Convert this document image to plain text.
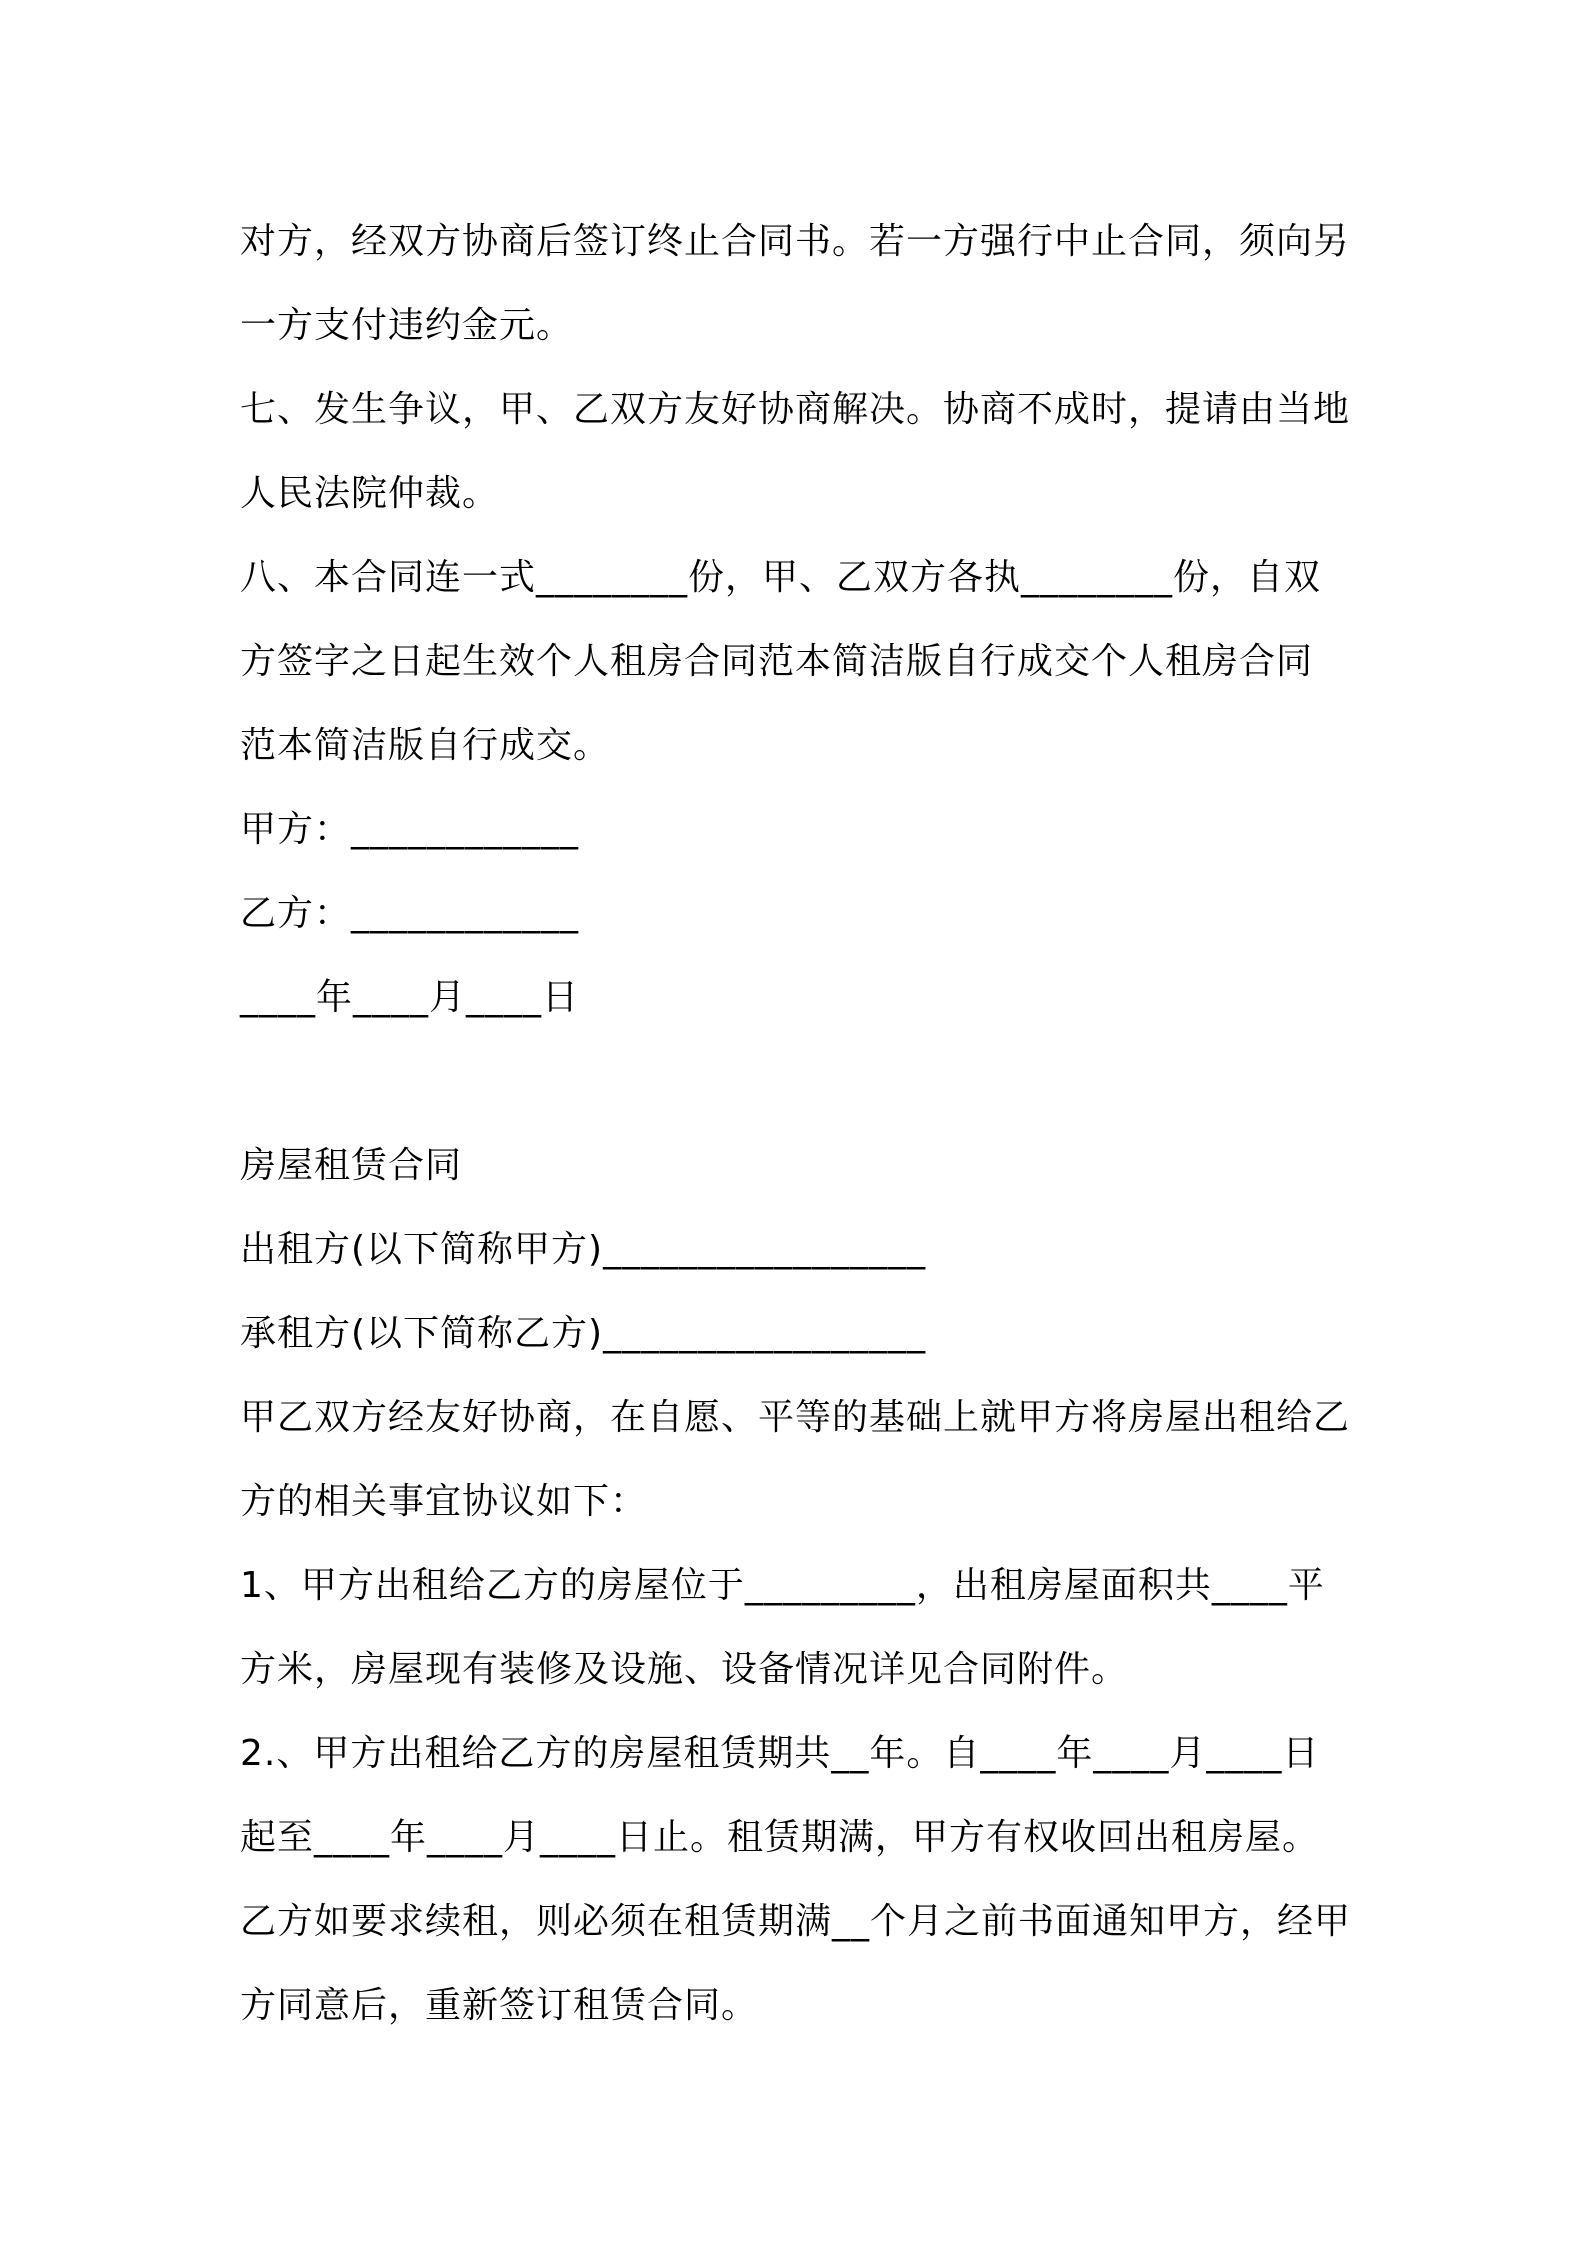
对方，经双方协商后签订终止合同书。若一方强行中止合同，须向另
一方支付违约金元。
七、发生争议，甲、乙双方友好协商解决。协商不成时，提请由当地
人民法院仲裁。
八、本合同连一式________份，甲、乙双方各执________份，自双
方签字之日起生效个人租房合同范本简洁版自行成交个人租房合同
范本简洁版自行成交。
甲方：____________
乙方：____________
____年____月____日
房屋租赁合同
出租方(以下简称甲方)_________________
承租方(以下简称乙方)_________________
甲乙双方经友好协商，在自愿、平等的基础上就甲方将房屋出租给乙
方的相关事宜协议如下：
1、甲方出租给乙方的房屋位于_________，出租房屋面积共____平
方米，房屋现有装修及设施、设备情况详见合同附件。
2.、甲方出租给乙方的房屋租赁期共__年。自____年____月____日
起至____年____月____日止。租赁期满，甲方有权收回出租房屋。
乙方如要求续租，则必须在租赁期满__个月之前书面通知甲方，经甲
方同意后，重新签订租赁合同。
